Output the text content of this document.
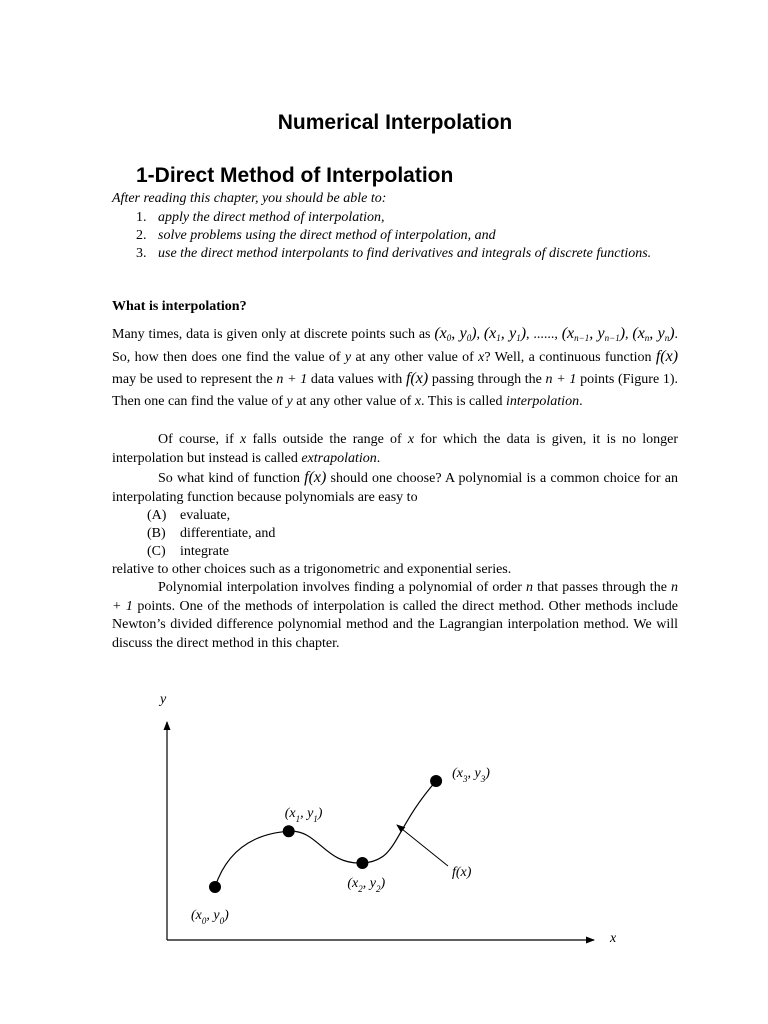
Numerical Interpolation
1-Direct Method of Interpolation
After reading this chapter, you should be able to:
1. apply the direct method of interpolation,
2. solve problems using the direct method of interpolation, and
3. use the direct method interpolants to find derivatives and integrals of discrete functions.
What is interpolation?
Many times, data is given only at discrete points such as ($x_0$, $y_0$), ($x_1$, $y_1$), ......, ($x_{n-1}$, $y_{n-1}$), ($x_n$, $y_n$). So, how then does one find the value of y at any other value of x? Well, a continuous function f(x) may be used to represent the n + 1 data values with f(x) passing through the n + 1 points (Figure 1). Then one can find the value of y at any other value of x. This is called interpolation.
Of course, if x falls outside the range of x for which the data is given, it is no longer interpolation but instead is called extrapolation.
So what kind of function f(x) should one choose? A polynomial is a common choice for an interpolating function because polynomials are easy to
(A) evaluate,
(B) differentiate, and
(C) integrate
relative to other choices such as a trigonometric and exponential series.
Polynomial interpolation involves finding a polynomial of order n that passes through the n + 1 points. One of the methods of interpolation is called the direct method. Other methods include Newton’s divided difference polynomial method and the Lagrangian interpolation method. We will discuss the direct method in this chapter.
y
x
($x_0$, $y_0$)
($x_1$, $y_1$)
($x_2$, $y_2$)
($x_3$, $y_3$)
f(x)
